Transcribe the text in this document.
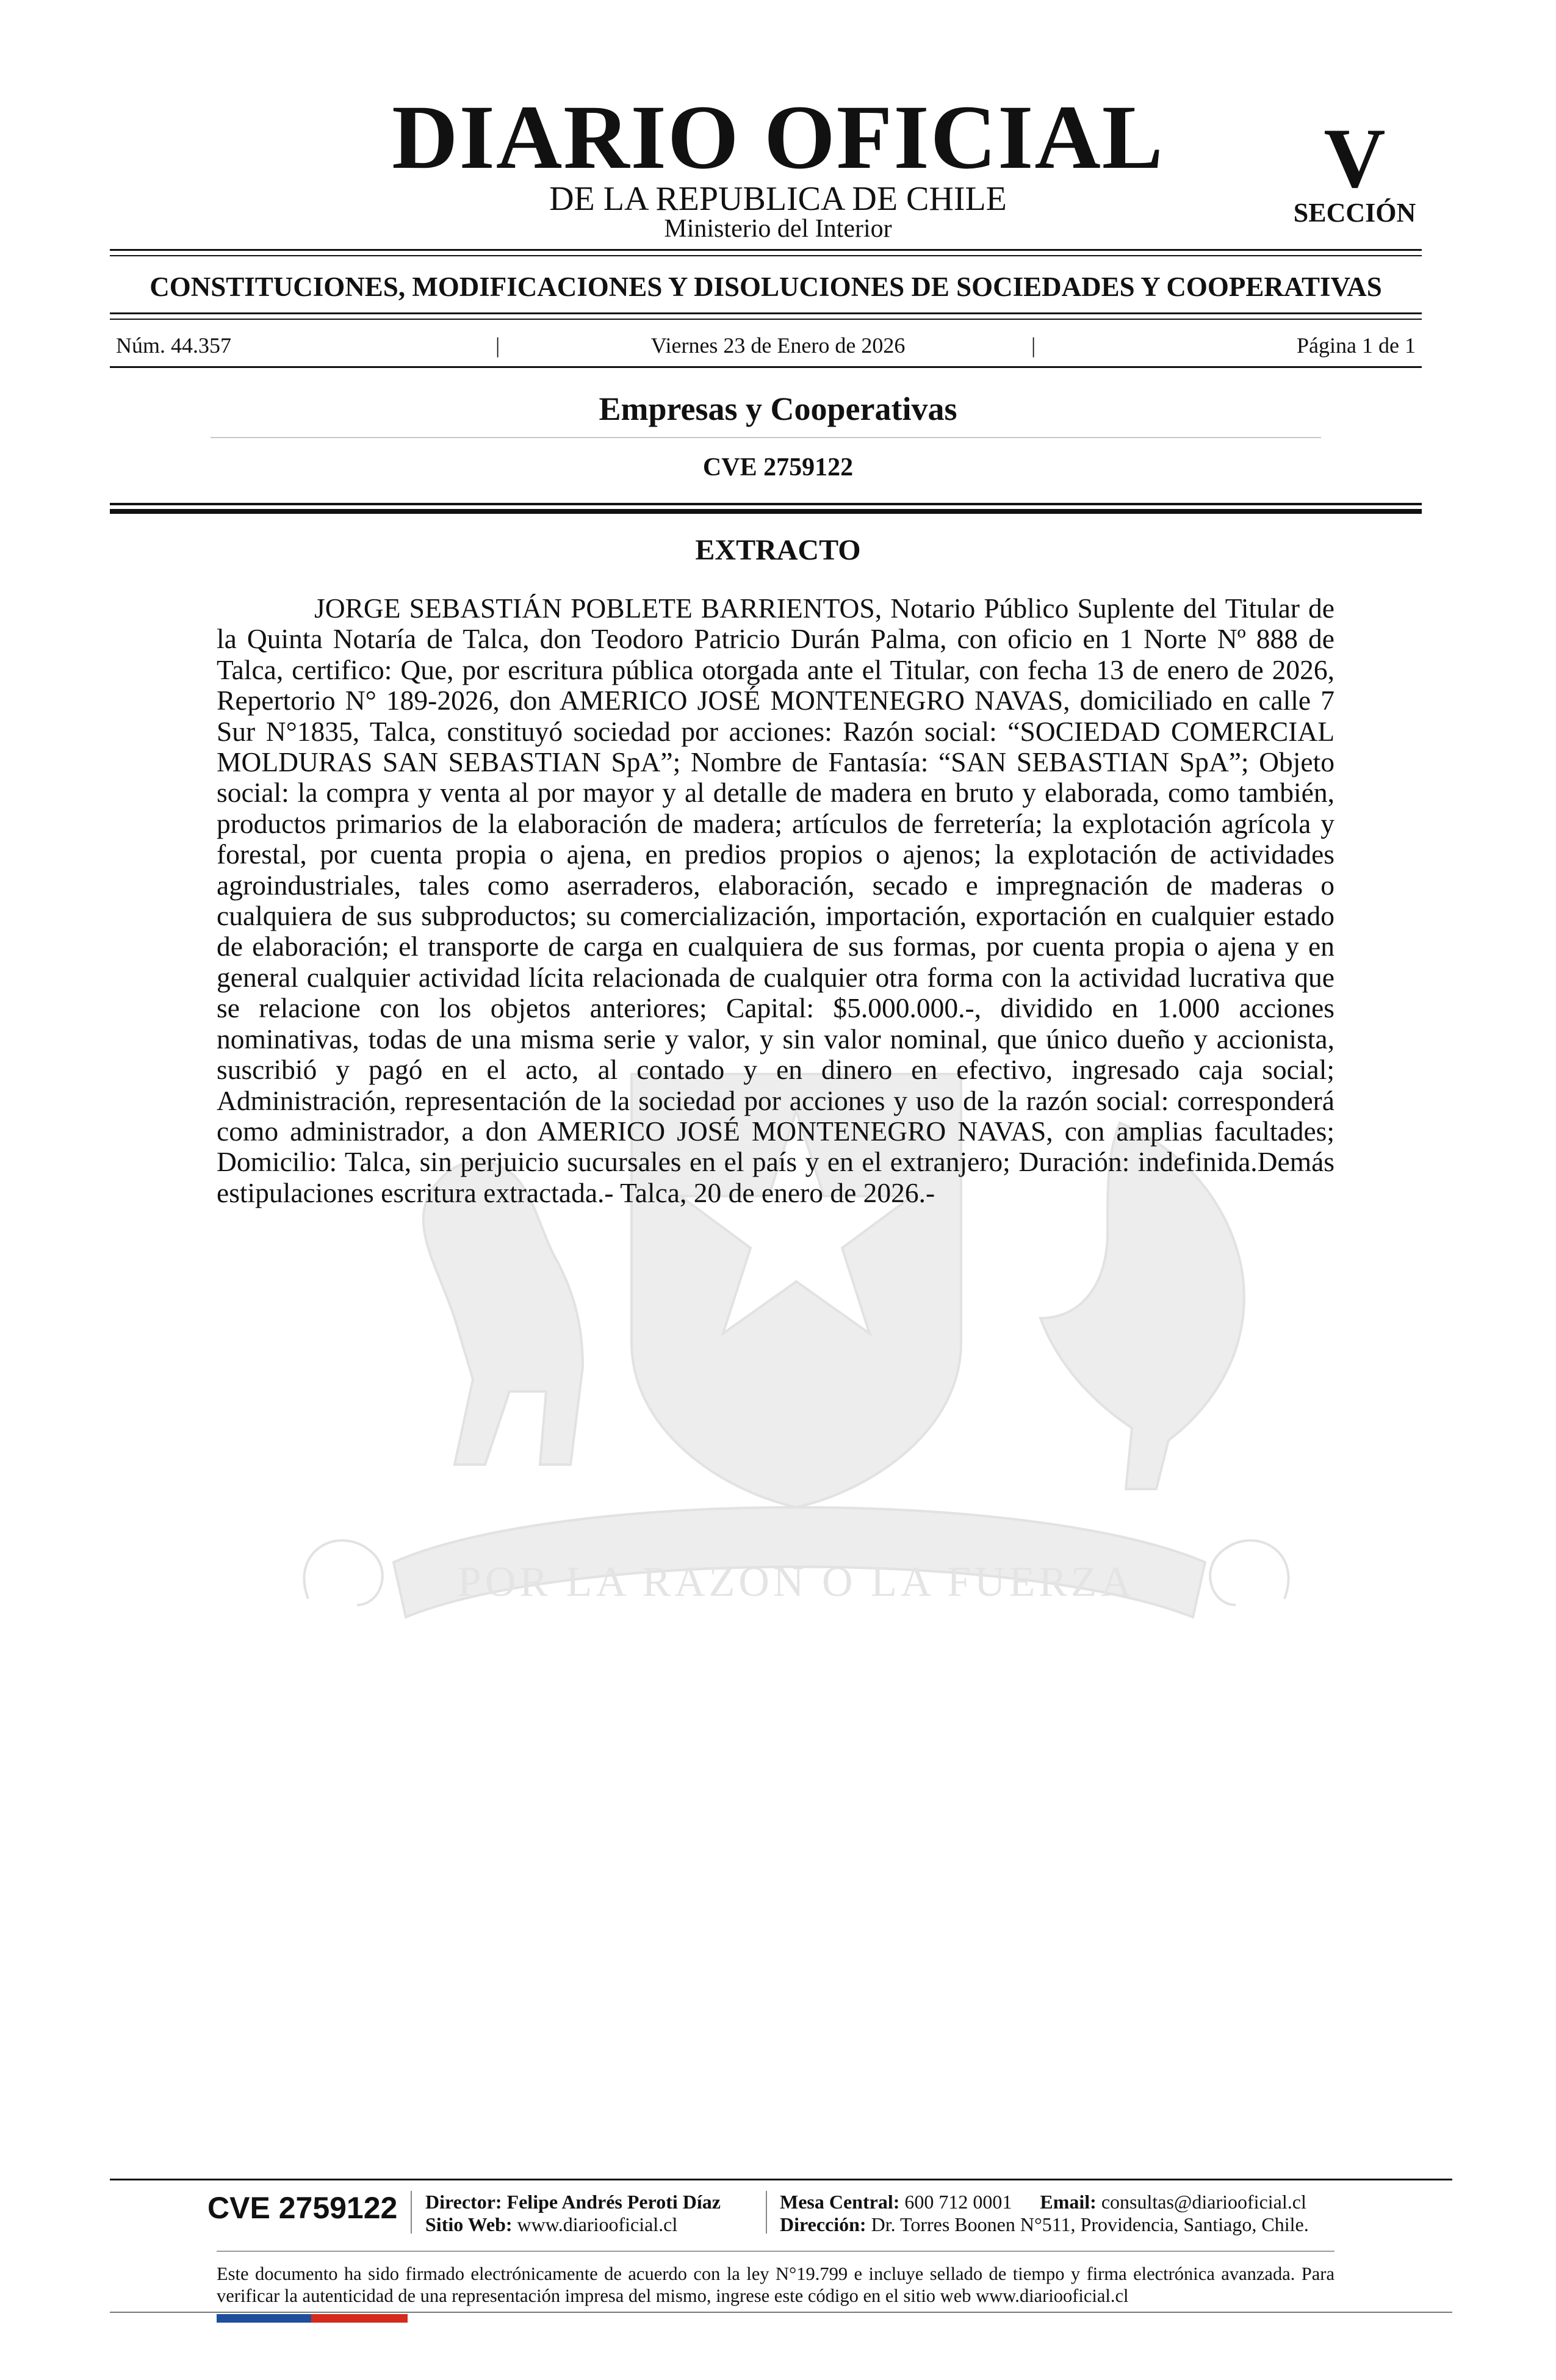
DIARIO OFICIAL
DE LA REPUBLICA DE CHILE
Ministerio del Interior
V
SECCIÓN
CONSTITUCIONES, MODIFICACIONES Y DISOLUCIONES DE SOCIEDADES Y COOPERATIVAS
Núm. 44.357	|	Viernes 23 de Enero de 2026	|	Página 1 de 1
Empresas y Cooperativas
CVE 2759122
POR LA RAZON O LA FUERZA
EXTRACTO
JORGE SEBASTIÁN POBLETE BARRIENTOS, Notario Público Suplente del Titular de la Quinta Notaría de Talca, don Teodoro Patricio Durán Palma, con oficio en 1 Norte Nº 888 de Talca, certifico: Que, por escritura pública otorgada ante el Titular, con fecha 13 de enero de 2026, Repertorio N° 189-2026, don AMERICO JOSÉ MONTENEGRO NAVAS, domiciliado en calle 7 Sur N°1835, Talca, constituyó sociedad por acciones: Razón social: “SOCIEDAD COMERCIAL MOLDURAS SAN SEBASTIAN SpA”; Nombre de Fantasía: “SAN SEBASTIAN SpA”; Objeto social: la compra y venta al por mayor y al detalle de madera en bruto y elaborada, como también, productos primarios de la elaboración de madera; artículos de ferretería; la explotación agrícola y forestal, por cuenta propia o ajena, en predios propios o ajenos; la explotación de actividades agroindustriales, tales como aserraderos, elaboración, secado e impregnación de maderas o cualquiera de sus subproductos; su comercialización, importación, exportación en cualquier estado de elaboración; el transporte de carga en cualquiera de sus formas, por cuenta propia o ajena y en general cualquier actividad lícita relacionada de cualquier otra forma con la actividad lucrativa que se relacione con los objetos anteriores; Capital: $5.000.000.-, dividido en 1.000 acciones nominativas, todas de una misma serie y valor, y sin valor nominal, que único dueño y accionista, suscribió y pagó en el acto, al contado y en dinero en efectivo, ingresado caja social; Administración, representación de la sociedad por acciones y uso de la razón social: corresponderá como administrador, a don AMERICO JOSÉ MONTENEGRO NAVAS, con amplias facultades; Domicilio: Talca, sin perjuicio sucursales en el país y en el extranjero; Duración: indefinida.Demás estipulaciones escritura extractada.- Talca, 20 de enero de 2026.-
CVE 2759122 Director: Felipe Andrés Peroti Díaz
Sitio Web: www.diariooficial.cl
Mesa Central: 600 712 0001 Email: consultas@diariooficial.cl
Dirección: Dr. Torres Boonen N°511, Providencia, Santiago, Chile.
Este documento ha sido firmado electrónicamente de acuerdo con la ley N°19.799 e incluye sellado de tiempo y firma electrónica avanzada. Para verificar la autenticidad de una representación impresa del mismo, ingrese este código en el sitio web www.diariooficial.cl
